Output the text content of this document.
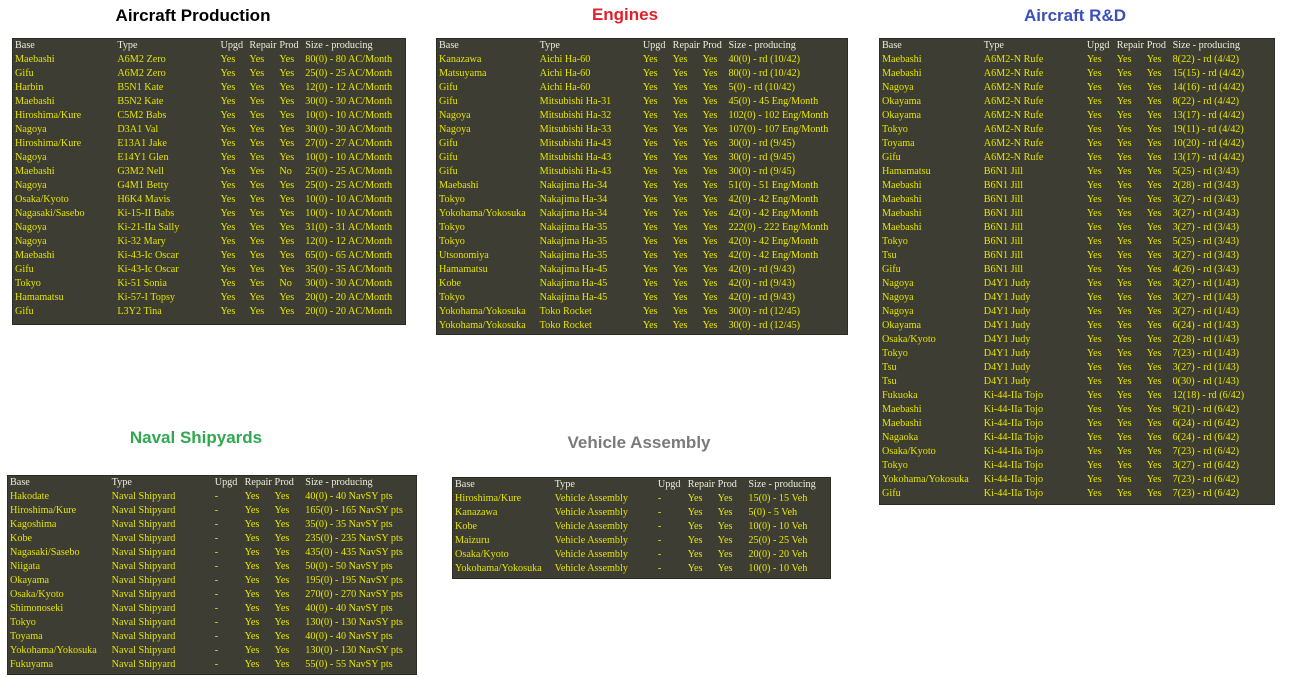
Aircraft Production	Engines	Aircraft R&D
Naval Shipyards	Vehicle Assembly
Base	Type	Upgd	Repair	Prod	Size - producing
Maebashi	A6M2 Zero	Yes	Yes	Yes	80(0) - 80 AC/Month
Gifu	A6M2 Zero	Yes	Yes	Yes	25(0) - 25 AC/Month
Harbin	B5N1 Kate	Yes	Yes	Yes	12(0) - 12 AC/Month
Maebashi	B5N2 Kate	Yes	Yes	Yes	30(0) - 30 AC/Month
Hiroshima/Kure	C5M2 Babs	Yes	Yes	Yes	10(0) - 10 AC/Month
Nagoya	D3A1 Val	Yes	Yes	Yes	30(0) - 30 AC/Month
Hiroshima/Kure	E13A1 Jake	Yes	Yes	Yes	27(0) - 27 AC/Month
Nagoya	E14Y1 Glen	Yes	Yes	Yes	10(0) - 10 AC/Month
Maebashi	G3M2 Nell	Yes	Yes	No	25(0) - 25 AC/Month
Nagoya	G4M1 Betty	Yes	Yes	Yes	25(0) - 25 AC/Month
Osaka/Kyoto	H6K4 Mavis	Yes	Yes	Yes	10(0) - 10 AC/Month
Nagasaki/Sasebo	Ki-15-II Babs	Yes	Yes	Yes	10(0) - 10 AC/Month
Nagoya	Ki-21-IIa Sally	Yes	Yes	Yes	31(0) - 31 AC/Month
Nagoya	Ki-32 Mary	Yes	Yes	Yes	12(0) - 12 AC/Month
Maebashi	Ki-43-Ic Oscar	Yes	Yes	Yes	65(0) - 65 AC/Month
Gifu	Ki-43-Ic Oscar	Yes	Yes	Yes	35(0) - 35 AC/Month
Tokyo	Ki-51 Sonia	Yes	Yes	No	30(0) - 30 AC/Month
Hamamatsu	Ki-57-I Topsy	Yes	Yes	Yes	20(0) - 20 AC/Month
Gifu	L3Y2 Tina	Yes	Yes	Yes	20(0) - 20 AC/Month
Base	Type	Upgd	Repair	Prod	Size - producing
Kanazawa	Aichi Ha-60	Yes	Yes	Yes	40(0) - rd (10/42)
Matsuyama	Aichi Ha-60	Yes	Yes	Yes	80(0) - rd (10/42)
Gifu	Aichi Ha-60	Yes	Yes	Yes	5(0) - rd (10/42)
Gifu	Mitsubishi Ha-31	Yes	Yes	Yes	45(0) - 45 Eng/Month
Nagoya	Mitsubishi Ha-32	Yes	Yes	Yes	102(0) - 102 Eng/Month
Nagoya	Mitsubishi Ha-33	Yes	Yes	Yes	107(0) - 107 Eng/Month
Gifu	Mitsubishi Ha-43	Yes	Yes	Yes	30(0) - rd (9/45)
Gifu	Mitsubishi Ha-43	Yes	Yes	Yes	30(0) - rd (9/45)
Gifu	Mitsubishi Ha-43	Yes	Yes	Yes	30(0) - rd (9/45)
Maebashi	Nakajima Ha-34	Yes	Yes	Yes	51(0) - 51 Eng/Month
Tokyo	Nakajima Ha-34	Yes	Yes	Yes	42(0) - 42 Eng/Month
Yokohama/Yokosuka	Nakajima Ha-34	Yes	Yes	Yes	42(0) - 42 Eng/Month
Tokyo	Nakajima Ha-35	Yes	Yes	Yes	222(0) - 222 Eng/Month
Tokyo	Nakajima Ha-35	Yes	Yes	Yes	42(0) - 42 Eng/Month
Utsonomiya	Nakajima Ha-35	Yes	Yes	Yes	42(0) - 42 Eng/Month
Hamamatsu	Nakajima Ha-45	Yes	Yes	Yes	42(0) - rd (9/43)
Kobe	Nakajima Ha-45	Yes	Yes	Yes	42(0) - rd (9/43)
Tokyo	Nakajima Ha-45	Yes	Yes	Yes	42(0) - rd (9/43)
Yokohama/Yokosuka	Toko Rocket	Yes	Yes	Yes	30(0) - rd (12/45)
Yokohama/Yokosuka	Toko Rocket	Yes	Yes	Yes	30(0) - rd (12/45)
Base	Type	Upgd	Repair	Prod	Size - producing
Maebashi	A6M2-N Rufe	Yes	Yes	Yes	8(22) - rd (4/42)
Maebashi	A6M2-N Rufe	Yes	Yes	Yes	15(15) - rd (4/42)
Nagoya	A6M2-N Rufe	Yes	Yes	Yes	14(16) - rd (4/42)
Okayama	A6M2-N Rufe	Yes	Yes	Yes	8(22) - rd (4/42)
Okayama	A6M2-N Rufe	Yes	Yes	Yes	13(17) - rd (4/42)
Tokyo	A6M2-N Rufe	Yes	Yes	Yes	19(11) - rd (4/42)
Toyama	A6M2-N Rufe	Yes	Yes	Yes	10(20) - rd (4/42)
Gifu	A6M2-N Rufe	Yes	Yes	Yes	13(17) - rd (4/42)
Hamamatsu	B6N1 Jill	Yes	Yes	Yes	5(25) - rd (3/43)
Maebashi	B6N1 Jill	Yes	Yes	Yes	2(28) - rd (3/43)
Maebashi	B6N1 Jill	Yes	Yes	Yes	3(27) - rd (3/43)
Maebashi	B6N1 Jill	Yes	Yes	Yes	3(27) - rd (3/43)
Maebashi	B6N1 Jill	Yes	Yes	Yes	3(27) - rd (3/43)
Tokyo	B6N1 Jill	Yes	Yes	Yes	5(25) - rd (3/43)
Tsu	B6N1 Jill	Yes	Yes	Yes	3(27) - rd (3/43)
Gifu	B6N1 Jill	Yes	Yes	Yes	4(26) - rd (3/43)
Nagoya	D4Y1 Judy	Yes	Yes	Yes	3(27) - rd (1/43)
Nagoya	D4Y1 Judy	Yes	Yes	Yes	3(27) - rd (1/43)
Nagoya	D4Y1 Judy	Yes	Yes	Yes	3(27) - rd (1/43)
Okayama	D4Y1 Judy	Yes	Yes	Yes	6(24) - rd (1/43)
Osaka/Kyoto	D4Y1 Judy	Yes	Yes	Yes	2(28) - rd (1/43)
Tokyo	D4Y1 Judy	Yes	Yes	Yes	7(23) - rd (1/43)
Tsu	D4Y1 Judy	Yes	Yes	Yes	3(27) - rd (1/43)
Tsu	D4Y1 Judy	Yes	Yes	Yes	0(30) - rd (1/43)
Fukuoka	Ki-44-IIa Tojo	Yes	Yes	Yes	12(18) - rd (6/42)
Maebashi	Ki-44-IIa Tojo	Yes	Yes	Yes	9(21) - rd (6/42)
Maebashi	Ki-44-IIa Tojo	Yes	Yes	Yes	6(24) - rd (6/42)
Nagaoka	Ki-44-IIa Tojo	Yes	Yes	Yes	6(24) - rd (6/42)
Osaka/Kyoto	Ki-44-IIa Tojo	Yes	Yes	Yes	7(23) - rd (6/42)
Tokyo	Ki-44-IIa Tojo	Yes	Yes	Yes	3(27) - rd (6/42)
Yokohama/Yokosuka	Ki-44-IIa Tojo	Yes	Yes	Yes	7(23) - rd (6/42)
Gifu	Ki-44-IIa Tojo	Yes	Yes	Yes	7(23) - rd (6/42)
Base	Type	Upgd	Repair	Prod	Size - producing
Hakodate	Naval Shipyard	-	Yes	Yes	40(0) - 40 NavSY pts
Hiroshima/Kure	Naval Shipyard	-	Yes	Yes	165(0) - 165 NavSY pts
Kagoshima	Naval Shipyard	-	Yes	Yes	35(0) - 35 NavSY pts
Kobe	Naval Shipyard	-	Yes	Yes	235(0) - 235 NavSY pts
Nagasaki/Sasebo	Naval Shipyard	-	Yes	Yes	435(0) - 435 NavSY pts
Niigata	Naval Shipyard	-	Yes	Yes	50(0) - 50 NavSY pts
Okayama	Naval Shipyard	-	Yes	Yes	195(0) - 195 NavSY pts
Osaka/Kyoto	Naval Shipyard	-	Yes	Yes	270(0) - 270 NavSY pts
Shimonoseki	Naval Shipyard	-	Yes	Yes	40(0) - 40 NavSY pts
Tokyo	Naval Shipyard	-	Yes	Yes	130(0) - 130 NavSY pts
Toyama	Naval Shipyard	-	Yes	Yes	40(0) - 40 NavSY pts
Yokohama/Yokosuka	Naval Shipyard	-	Yes	Yes	130(0) - 130 NavSY pts
Fukuyama	Naval Shipyard	-	Yes	Yes	55(0) - 55 NavSY pts
Base	Type	Upgd	Repair	Prod	Size - producing
Hiroshima/Kure	Vehicle Assembly	-	Yes	Yes	15(0) - 15 Veh
Kanazawa	Vehicle Assembly	-	Yes	Yes	5(0) - 5 Veh
Kobe	Vehicle Assembly	-	Yes	Yes	10(0) - 10 Veh
Maizuru	Vehicle Assembly	-	Yes	Yes	25(0) - 25 Veh
Osaka/Kyoto	Vehicle Assembly	-	Yes	Yes	20(0) - 20 Veh
Yokohama/Yokosuka	Vehicle Assembly	-	Yes	Yes	10(0) - 10 Veh
